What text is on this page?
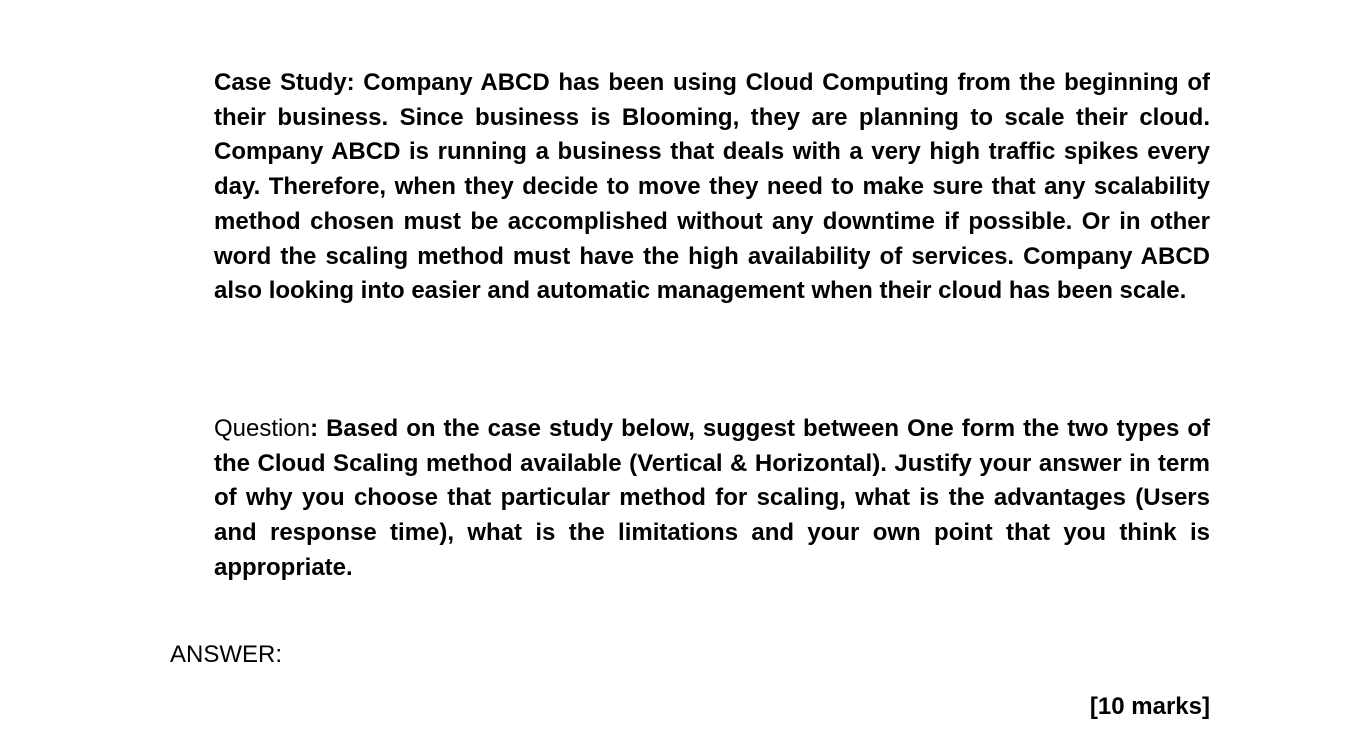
Case Study: Company ABCD has been using Cloud Computing from the beginning of their business. Since business is Blooming, they are planning to scale their cloud. Company ABCD is running a business that deals with a very high traffic spikes every day. Therefore, when they decide to move they need to make sure that any scalability method chosen must be accomplished without any downtime if possible. Or in other word the scaling method must have the high availability of services. Company ABCD also looking into easier and automatic management when their cloud has been scale.

Question: Based on the case study below, suggest between One form the two types of the Cloud Scaling method available (Vertical & Horizontal). Justify your answer in term of why you choose that particular method for scaling, what is the advantages (Users and response time), what is the limitations and your own point that you think is appropriate.

ANSWER:

[10 marks]
